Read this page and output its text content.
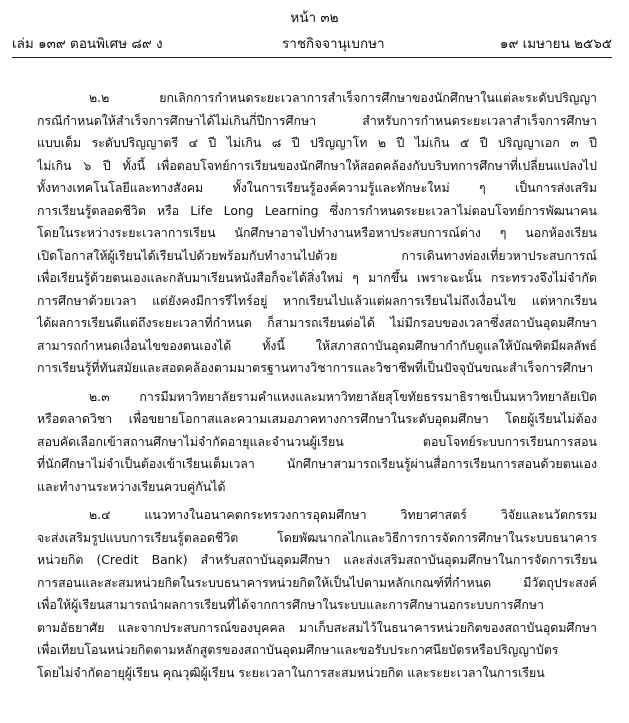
หน้า ๓๒
เล่ม ๑๓๙ ตอนพิเศษ ๘๙ ง	ราชกิจจานุเบกษา	๑๙ เมษายน ๒๕๖๕
๒.๒ ยกเลิกการกำหนดระยะเวลาการสำเร็จการศึกษาของนักศึกษาในแต่ละระดับปริญญา
กรณีกำหนดให้สำเร็จการศึกษาได้ไม่เกินกี่ปีการศึกษา สำหรับการกำหนดระยะเวลาสำเร็จการศึกษา
แบบเต็ม ระดับปริญญาตรี ๔ ปี ไม่เกิน ๘ ปี ปริญญาโท ๒ ปี ไม่เกิน ๕ ปี ปริญญาเอก ๓ ปี
ไม่เกิน ๖ ปี ทั้งนี้ เพื่อตอบโจทย์การเรียนของนักศึกษาให้สอดคล้องกับบริบทการศึกษาที่เปลี่ยนแปลงไป
ทั้งทางเทคโนโลยีและทางสังคม ทั้งในการเรียนรู้องค์ความรู้และทักษะใหม่ ๆ เป็นการส่งเสริม
การเรียนรู้ตลอดชีวิต หรือ Life Long Learning ซึ่งการกำหนดระยะเวลาไม่ตอบโจทย์การพัฒนาคน
โดยในระหว่างระยะเวลาการเรียน นักศึกษาอาจไปทำงานหรือหาประสบการณ์ต่าง ๆ นอกห้องเรียน
เปิดโอกาสให้ผู้เรียนได้เรียนไปด้วยพร้อมกับทำงานไปด้วย การเดินทางท่องเที่ยวหาประสบการณ์
เพื่อเรียนรู้ด้วยตนเองและกลับมาเรียนหนังสือก็จะได้สิ่งใหม่ ๆ มากขึ้น เพราะฉะนั้น กระทรวงจึงไม่จำกัด
การศึกษาด้วยเวลา แต่ยังคงมีการรีไทร์อยู่ หากเรียนไปแล้วแต่ผลการเรียนไม่ถึงเงื่อนไข แต่หากเรียน
ได้ผลการเรียนดีแต่ถึงระยะเวลาที่กำหนด ก็สามารถเรียนต่อได้ ไม่มีกรอบของเวลาซึ่งสถาบันอุดมศึกษา
สามารถกำหนดเงื่อนไขของตนเองได้ ทั้งนี้ ให้สภาสถาบันอุดมศึกษากำกับดูแลให้บัณฑิตมีผลลัพธ์
การเรียนรู้ที่ทันสมัยและสอดคล้องตามมาตรฐานทางวิชาการและวิชาชีพที่เป็นปัจจุบันขณะสำเร็จการศึกษา
๒.๓ การมีมหาวิทยาลัยรามคำแหงและมหาวิทยาลัยสุโขทัยธรรมาธิราชเป็นมหาวิทยาลัยเปิด
หรือตลาดวิชา เพื่อขยายโอกาสและความเสมอภาคทางการศึกษาในระดับอุดมศึกษา โดยผู้เรียนไม่ต้อง
สอบคัดเลือกเข้าสถานศึกษาไม่จำกัดอายุและจำนวนผู้เรียน ตอบโจทย์ระบบการเรียนการสอน
ที่นักศึกษาไม่จำเป็นต้องเข้าเรียนเต็มเวลา นักศึกษาสามารถเรียนรู้ผ่านสื่อการเรียนการสอนด้วยตนเอง
และทำงานระหว่างเรียนควบคู่กันได้
๒.๔ แนวทางในอนาคตกระทรวงการอุดมศึกษา วิทยาศาสตร์ วิจัยและนวัตกรรม
จะส่งเสริมรูปแบบการเรียนรู้ตลอดชีวิต โดยพัฒนากลไกและวิธีการการจัดการศึกษาในระบบธนาคาร
หน่วยกิต (Credit Bank) สำหรับสถาบันอุดมศึกษา และส่งเสริมสถาบันอุดมศึกษาในการจัดการเรียน
การสอนและสะสมหน่วยกิตในระบบธนาคารหน่วยกิตให้เป็นไปตามหลักเกณฑ์ที่กำหนด มีวัตถุประสงค์
เพื่อให้ผู้เรียนสามารถนำผลการเรียนที่ได้จากการศึกษาในระบบและการศึกษานอกระบบการศึกษา
ตามอัธยาศัย และจากประสบการณ์ของบุคคล มาเก็บสะสมไว้ในธนาคารหน่วยกิตของสถาบันอุดมศึกษา
เพื่อเทียบโอนหน่วยกิตตามหลักสูตรของสถาบันอุดมศึกษาและขอรับประกาศนียบัตรหรือปริญญาบัตร
โดยไม่จำกัดอายุผู้เรียน คุณวุฒิผู้เรียน ระยะเวลาในการสะสมหน่วยกิต และระยะเวลาในการเรียน
